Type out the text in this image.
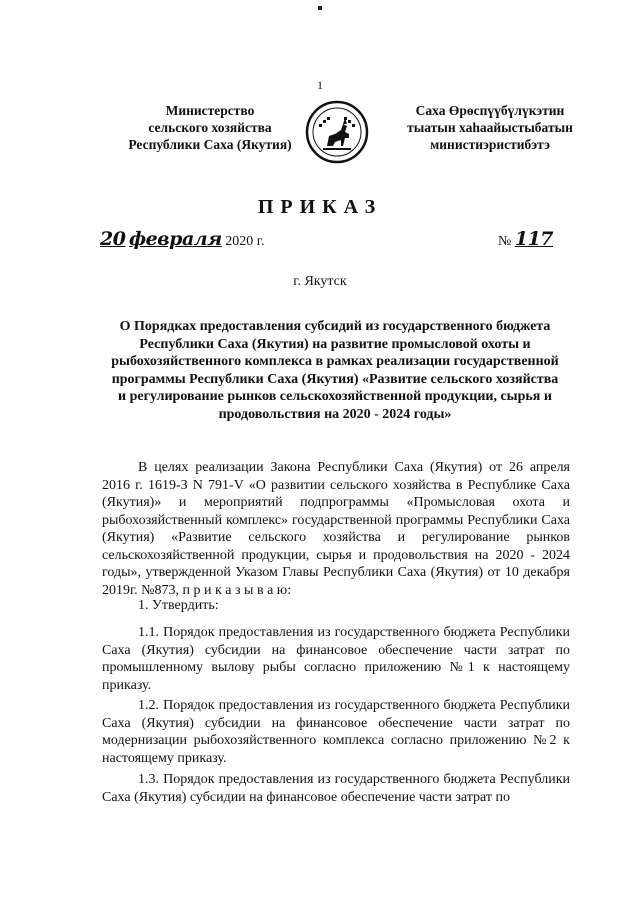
1
Министерство
сельского хозяйства
Республики Саха (Якутия)
Саха Өрөспүүбүлүкэтин
тыатын хаһаайыстыбатын
министиэристибэтэ
ПРИКАЗ
20 февраля 2020 г.	№ 117
г. Якутск
О Порядках предоставления субсидий из государственного бюджета Республики Саха (Якутия) на развитие промысловой охоты и рыбохозяйственного комплекса в рамках реализации государственной программы Республики Саха (Якутия) «Развитие сельского хозяйства и регулирование рынков сельскохозяйственной продукции, сырья и продовольствия на 2020 - 2024 годы»
В целях реализации Закона Республики Саха (Якутия) от 26 апреля 2016 г. 1619-З N 791-V «О развитии сельского хозяйства в Республике Саха (Якутия)» и мероприятий подпрограммы «Промысловая охота и рыбохозяйственный комплекс» государственной программы Республики Саха (Якутия) «Развитие сельского хозяйства и регулирование рынков сельскохозяйственной продукции, сырья и продовольствия на 2020 - 2024 годы», утвержденной Указом Главы Республики Саха (Якутия) от 10 декабря 2019г. №873, п р и к а з ы в а ю:
1. Утвердить:
1.1. Порядок предоставления из государственного бюджета Республики Саха (Якутия) субсидии на финансовое обеспечение части затрат по промышленному вылову рыбы согласно приложению №1 к настоящему приказу.
1.2. Порядок предоставления из государственного бюджета Республики Саха (Якутия) субсидии на финансовое обеспечение части затрат по модернизации рыбохозяйственного комплекса согласно приложению №2 к настоящему приказу.
1.3. Порядок предоставления из государственного бюджета Республики Саха (Якутия) субсидии на финансовое обеспечение части затрат по
